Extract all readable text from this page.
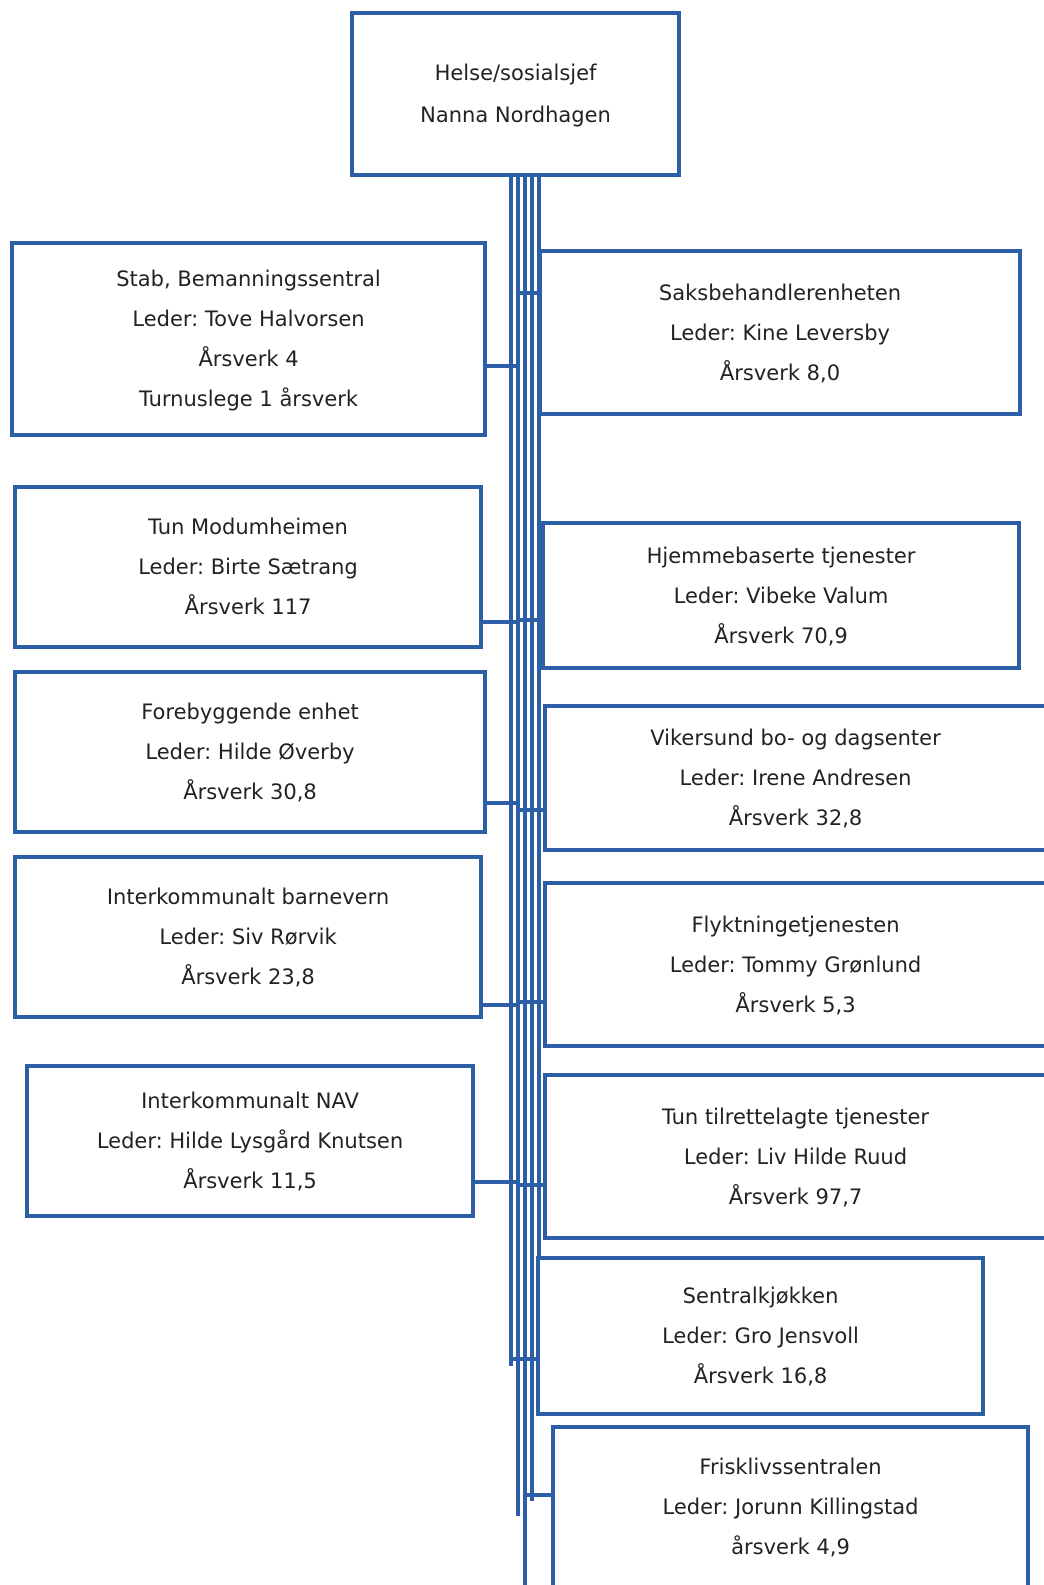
Helse/sosialsjef
Nanna Nordhagen
Stab, Bemanningssentral
Leder: Tove Halvorsen
Årsverk 4
Turnuslege 1 årsverk
Tun Modumheimen
Leder: Birte Sætrang
Årsverk 117
Forebyggende enhet
Leder: Hilde Øverby
Årsverk 30,8
Interkommunalt barnevern
Leder: Siv Rørvik
Årsverk 23,8
Interkommunalt NAV
Leder: Hilde Lysgård Knutsen
Årsverk 11,5
Saksbehandlerenheten
Leder: Kine Leversby
Årsverk 8,0
Hjemmebaserte tjenester
Leder: Vibeke Valum
Årsverk 70,9
Vikersund bo- og dagsenter
Leder: Irene Andresen
Årsverk 32,8
Flyktningetjenesten
Leder: Tommy Grønlund
Årsverk 5,3
Tun tilrettelagte tjenester
Leder: Liv Hilde Ruud
Årsverk 97,7
Sentralkjøkken
Leder: Gro Jensvoll
Årsverk 16,8
Frisklivssentralen
Leder: Jorunn Killingstad
årsverk 4,9
